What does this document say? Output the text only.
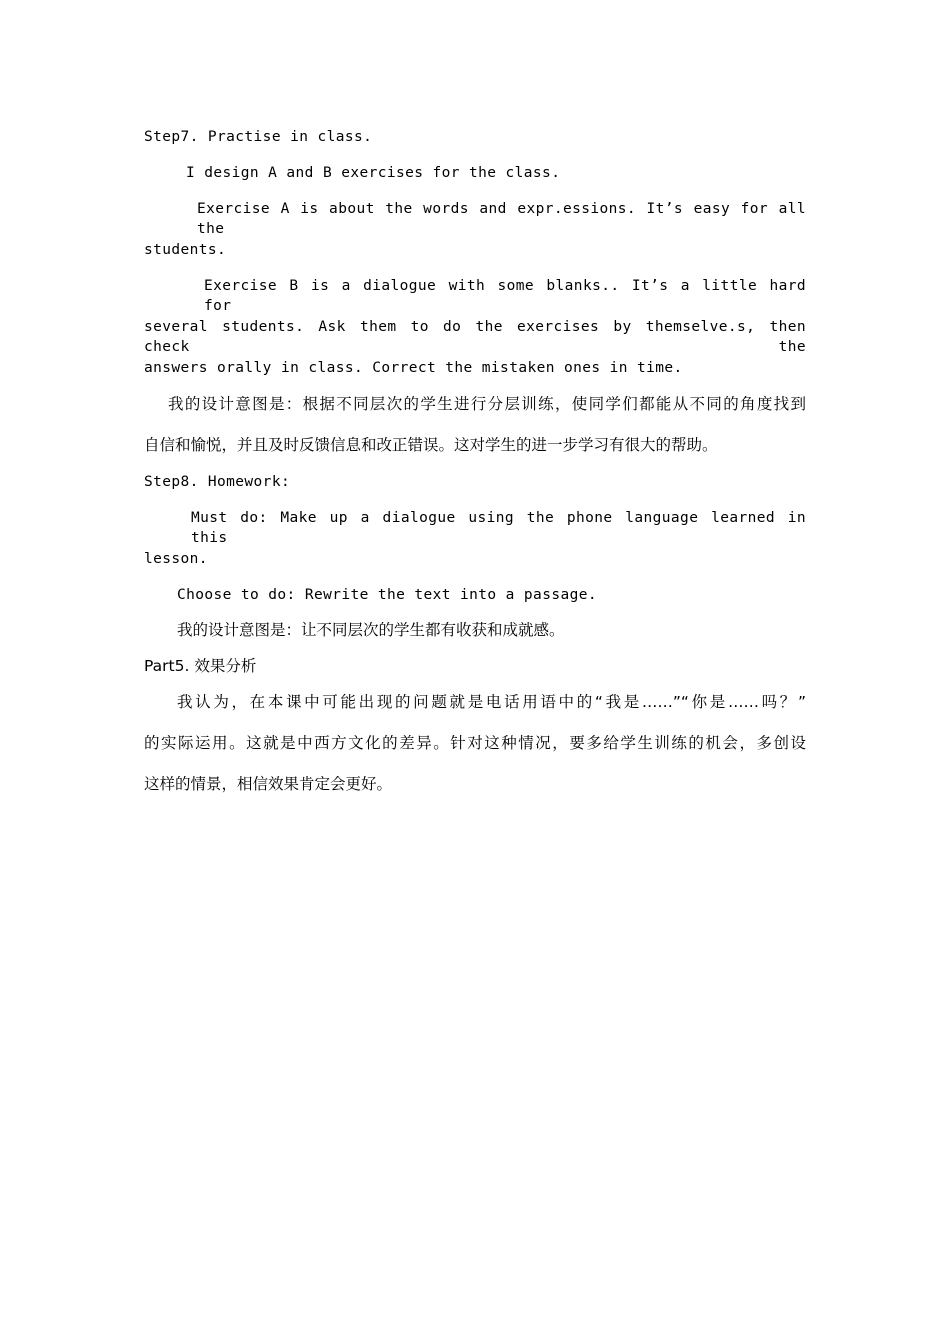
Step7. Practise in class.
I design A and B exercises for the class.
Exercise A is about the words and expr.essions. It’s easy for all the
students.
Exercise B is a dialogue with some blanks.. It’s a little hard for
several students. Ask them to do the exercises by themselve.s, then check the
answers orally in class. Correct the mistaken ones in time.
我的设计意图是：根据不同层次的学生进行分层训练，使同学们都能从不同的角度找到
自信和愉悦，并且及时反馈信息和改正错误。这对学生的进一步学习有很大的帮助。
Step8. Homework:
Must do: Make up a dialogue using the phone language learned in this
lesson.
Choose to do: Rewrite the text into a passage.
我的设计意图是：让不同层次的学生都有收获和成就感。
Part5. 效果分析
我认为，在本课中可能出现的问题就是电话用语中的“我是……”“你是……吗？”
的实际运用。这就是中西方文化的差异。针对这种情况，要多给学生训练的机会，多创设
这样的情景，相信效果肯定会更好。
